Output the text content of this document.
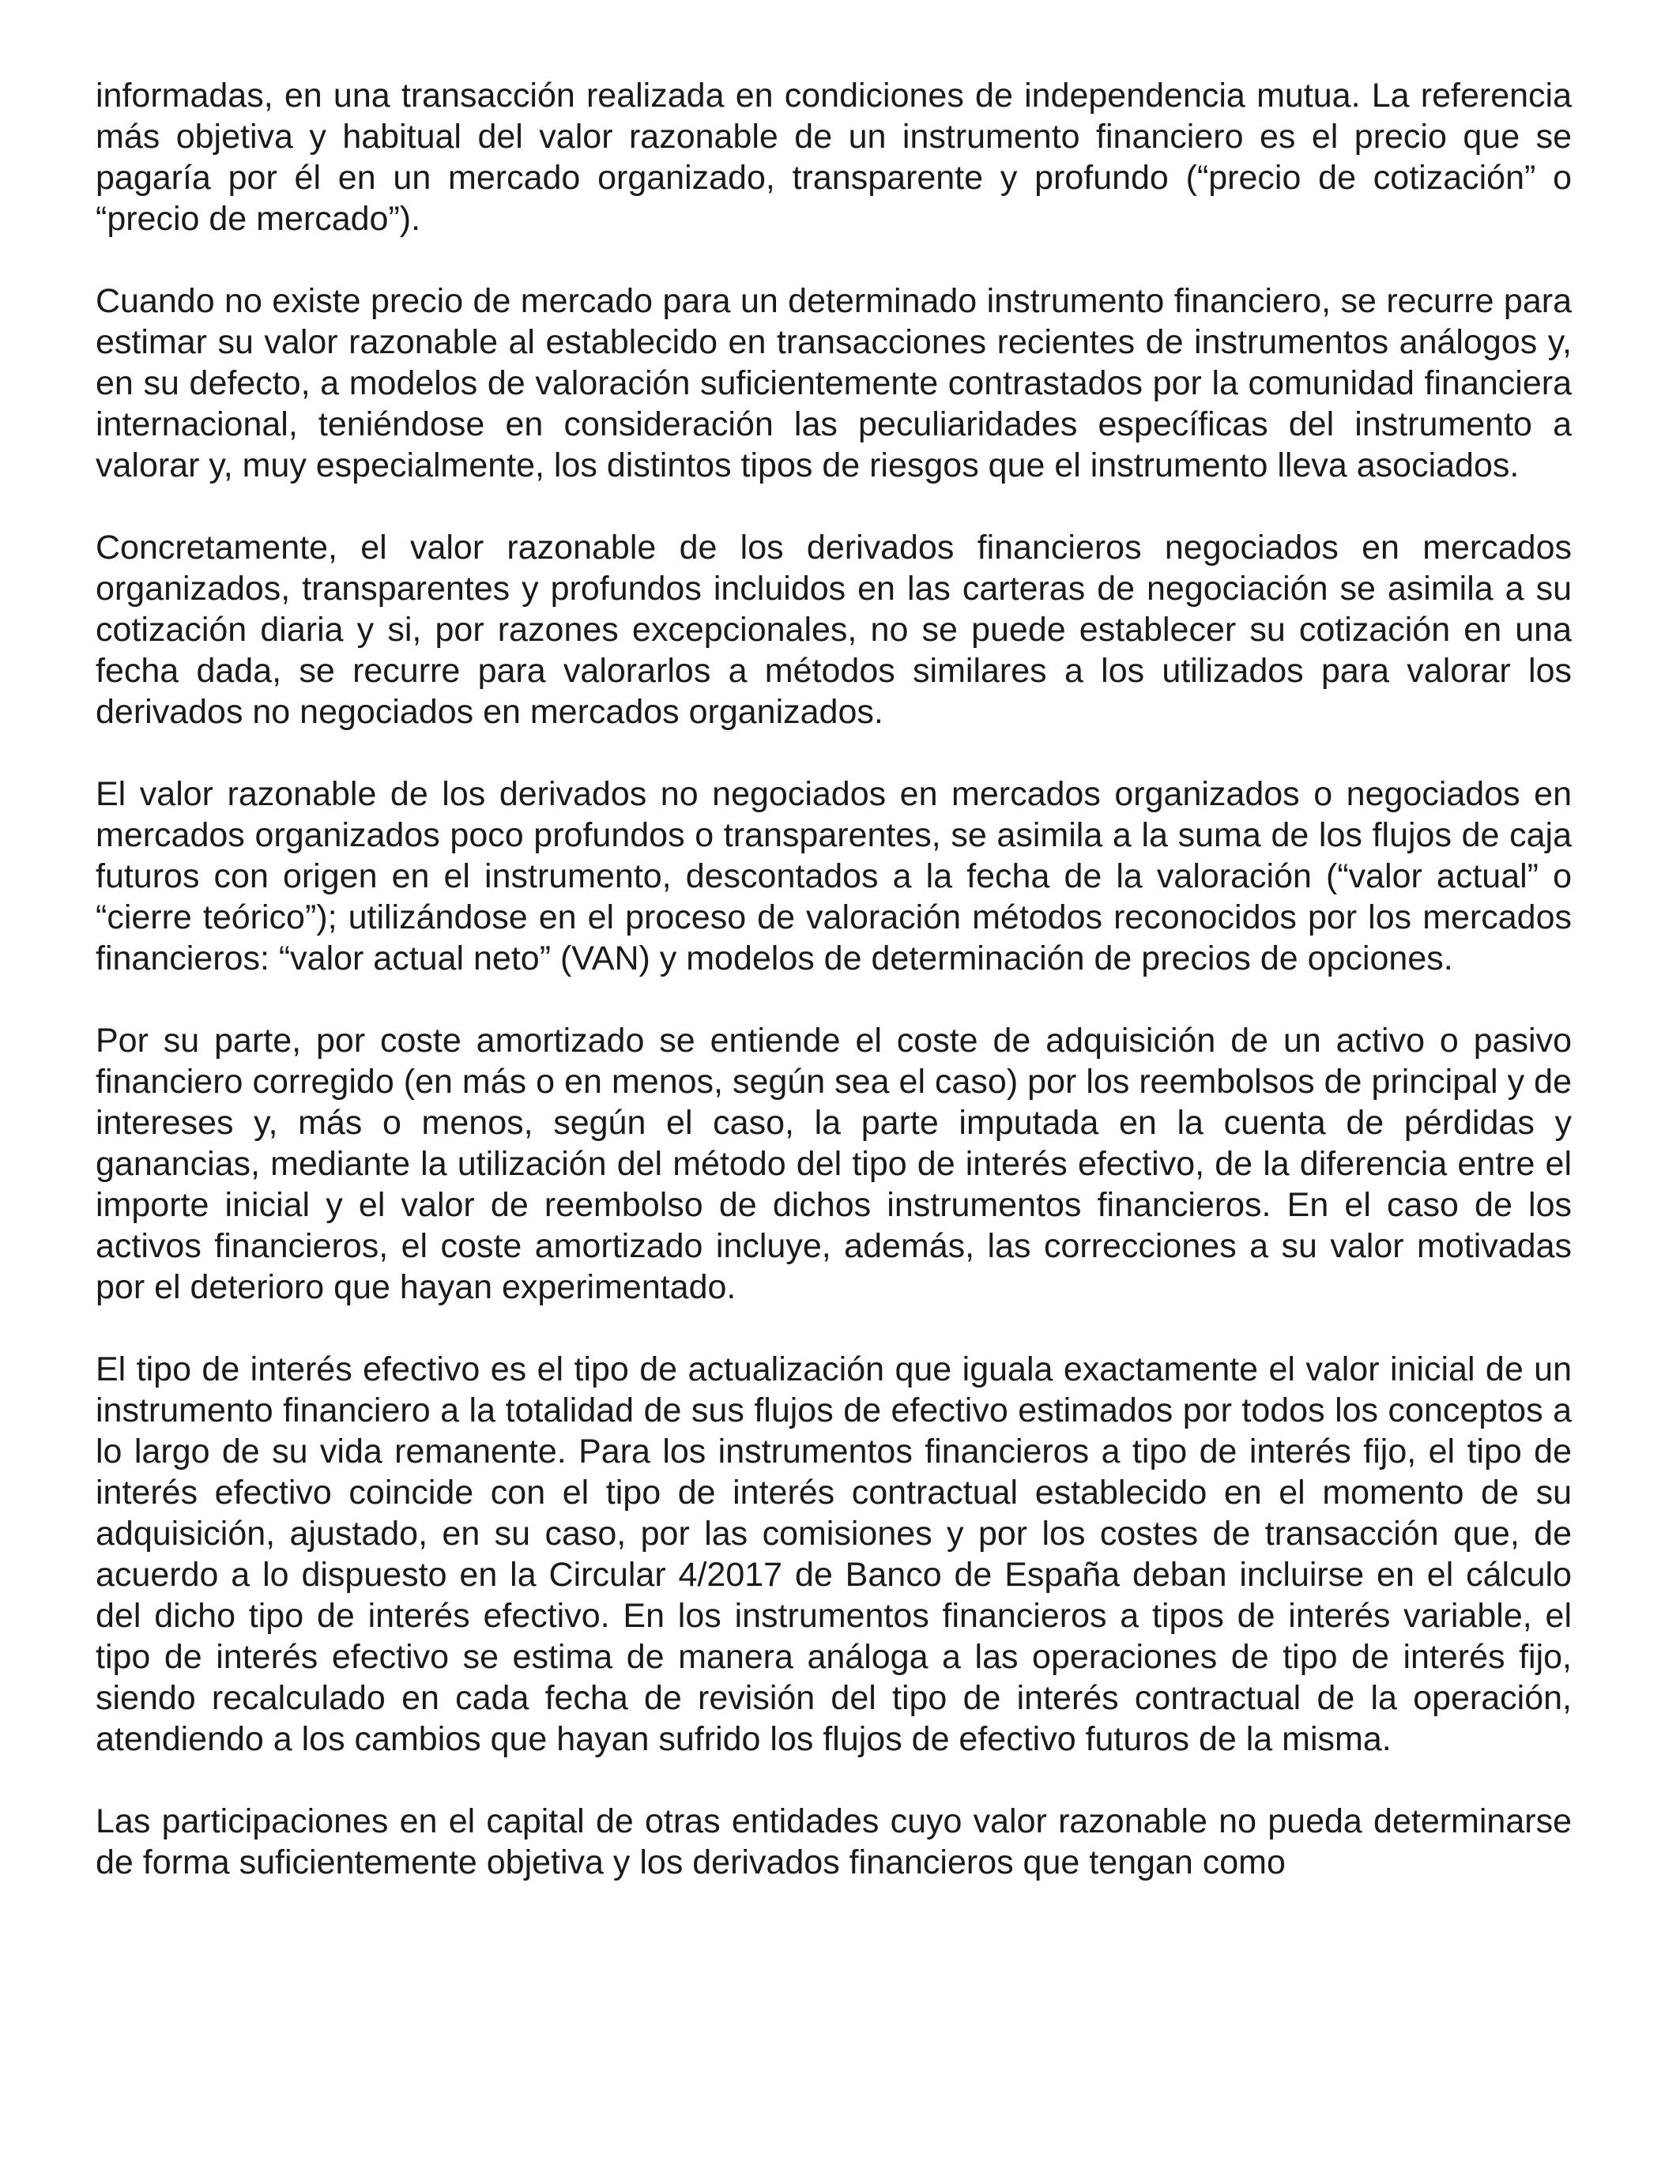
informadas, en una transacción realizada en condiciones de independencia mutua. La referencia más objetiva y habitual del valor razonable de un instrumento financiero es el precio que se pagaría por él en un mercado organizado, transparente y profundo (“precio de cotización” o “precio de mercado”).

Cuando no existe precio de mercado para un determinado instrumento financiero, se recurre para estimar su valor razonable al establecido en transacciones recientes de instrumentos análogos y, en su defecto, a modelos de valoración suficientemente contrastados por la comunidad financiera internacional, teniéndose en consideración las peculiaridades específicas del instrumento a valorar y, muy especialmente, los distintos tipos de riesgos que el instrumento lleva asociados.

Concretamente, el valor razonable de los derivados financieros negociados en mercados organizados, transparentes y profundos incluidos en las carteras de negociación se asimila a su cotización diaria y si, por razones excepcionales, no se puede establecer su cotización en una fecha dada, se recurre para valorarlos a métodos similares a los utilizados para valorar los derivados no negociados en mercados organizados.

El valor razonable de los derivados no negociados en mercados organizados o negociados en mercados organizados poco profundos o transparentes, se asimila a la suma de los flujos de caja futuros con origen en el instrumento, descontados a la fecha de la valoración (“valor actual” o “cierre teórico”); utilizándose en el proceso de valoración métodos reconocidos por los mercados financieros: “valor actual neto” (VAN) y modelos de determinación de precios de opciones.

Por su parte, por coste amortizado se entiende el coste de adquisición de un activo o pasivo financiero corregido (en más o en menos, según sea el caso) por los reembolsos de principal y de intereses y, más o menos, según el caso, la parte imputada en la cuenta de pérdidas y ganancias, mediante la utilización del método del tipo de interés efectivo, de la diferencia entre el importe inicial y el valor de reembolso de dichos instrumentos financieros. En el caso de los activos financieros, el coste amortizado incluye, además, las correcciones a su valor motivadas por el deterioro que hayan experimentado.

El tipo de interés efectivo es el tipo de actualización que iguala exactamente el valor inicial de un instrumento financiero a la totalidad de sus flujos de efectivo estimados por todos los conceptos a lo largo de su vida remanente. Para los instrumentos financieros a tipo de interés fijo, el tipo de interés efectivo coincide con el tipo de interés contractual establecido en el momento de su adquisición, ajustado, en su caso, por las comisiones y por los costes de transacción que, de acuerdo a lo dispuesto en la Circular 4/2017 de Banco de España deban incluirse en el cálculo del dicho tipo de interés efectivo. En los instrumentos financieros a tipos de interés variable, el tipo de interés efectivo se estima de manera análoga a las operaciones de tipo de interés fijo, siendo recalculado en cada fecha de revisión del tipo de interés contractual de la operación, atendiendo a los cambios que hayan sufrido los flujos de efectivo futuros de la misma.

Las participaciones en el capital de otras entidades cuyo valor razonable no pueda determinarse de forma suficientemente objetiva y los derivados financieros que tengan como
